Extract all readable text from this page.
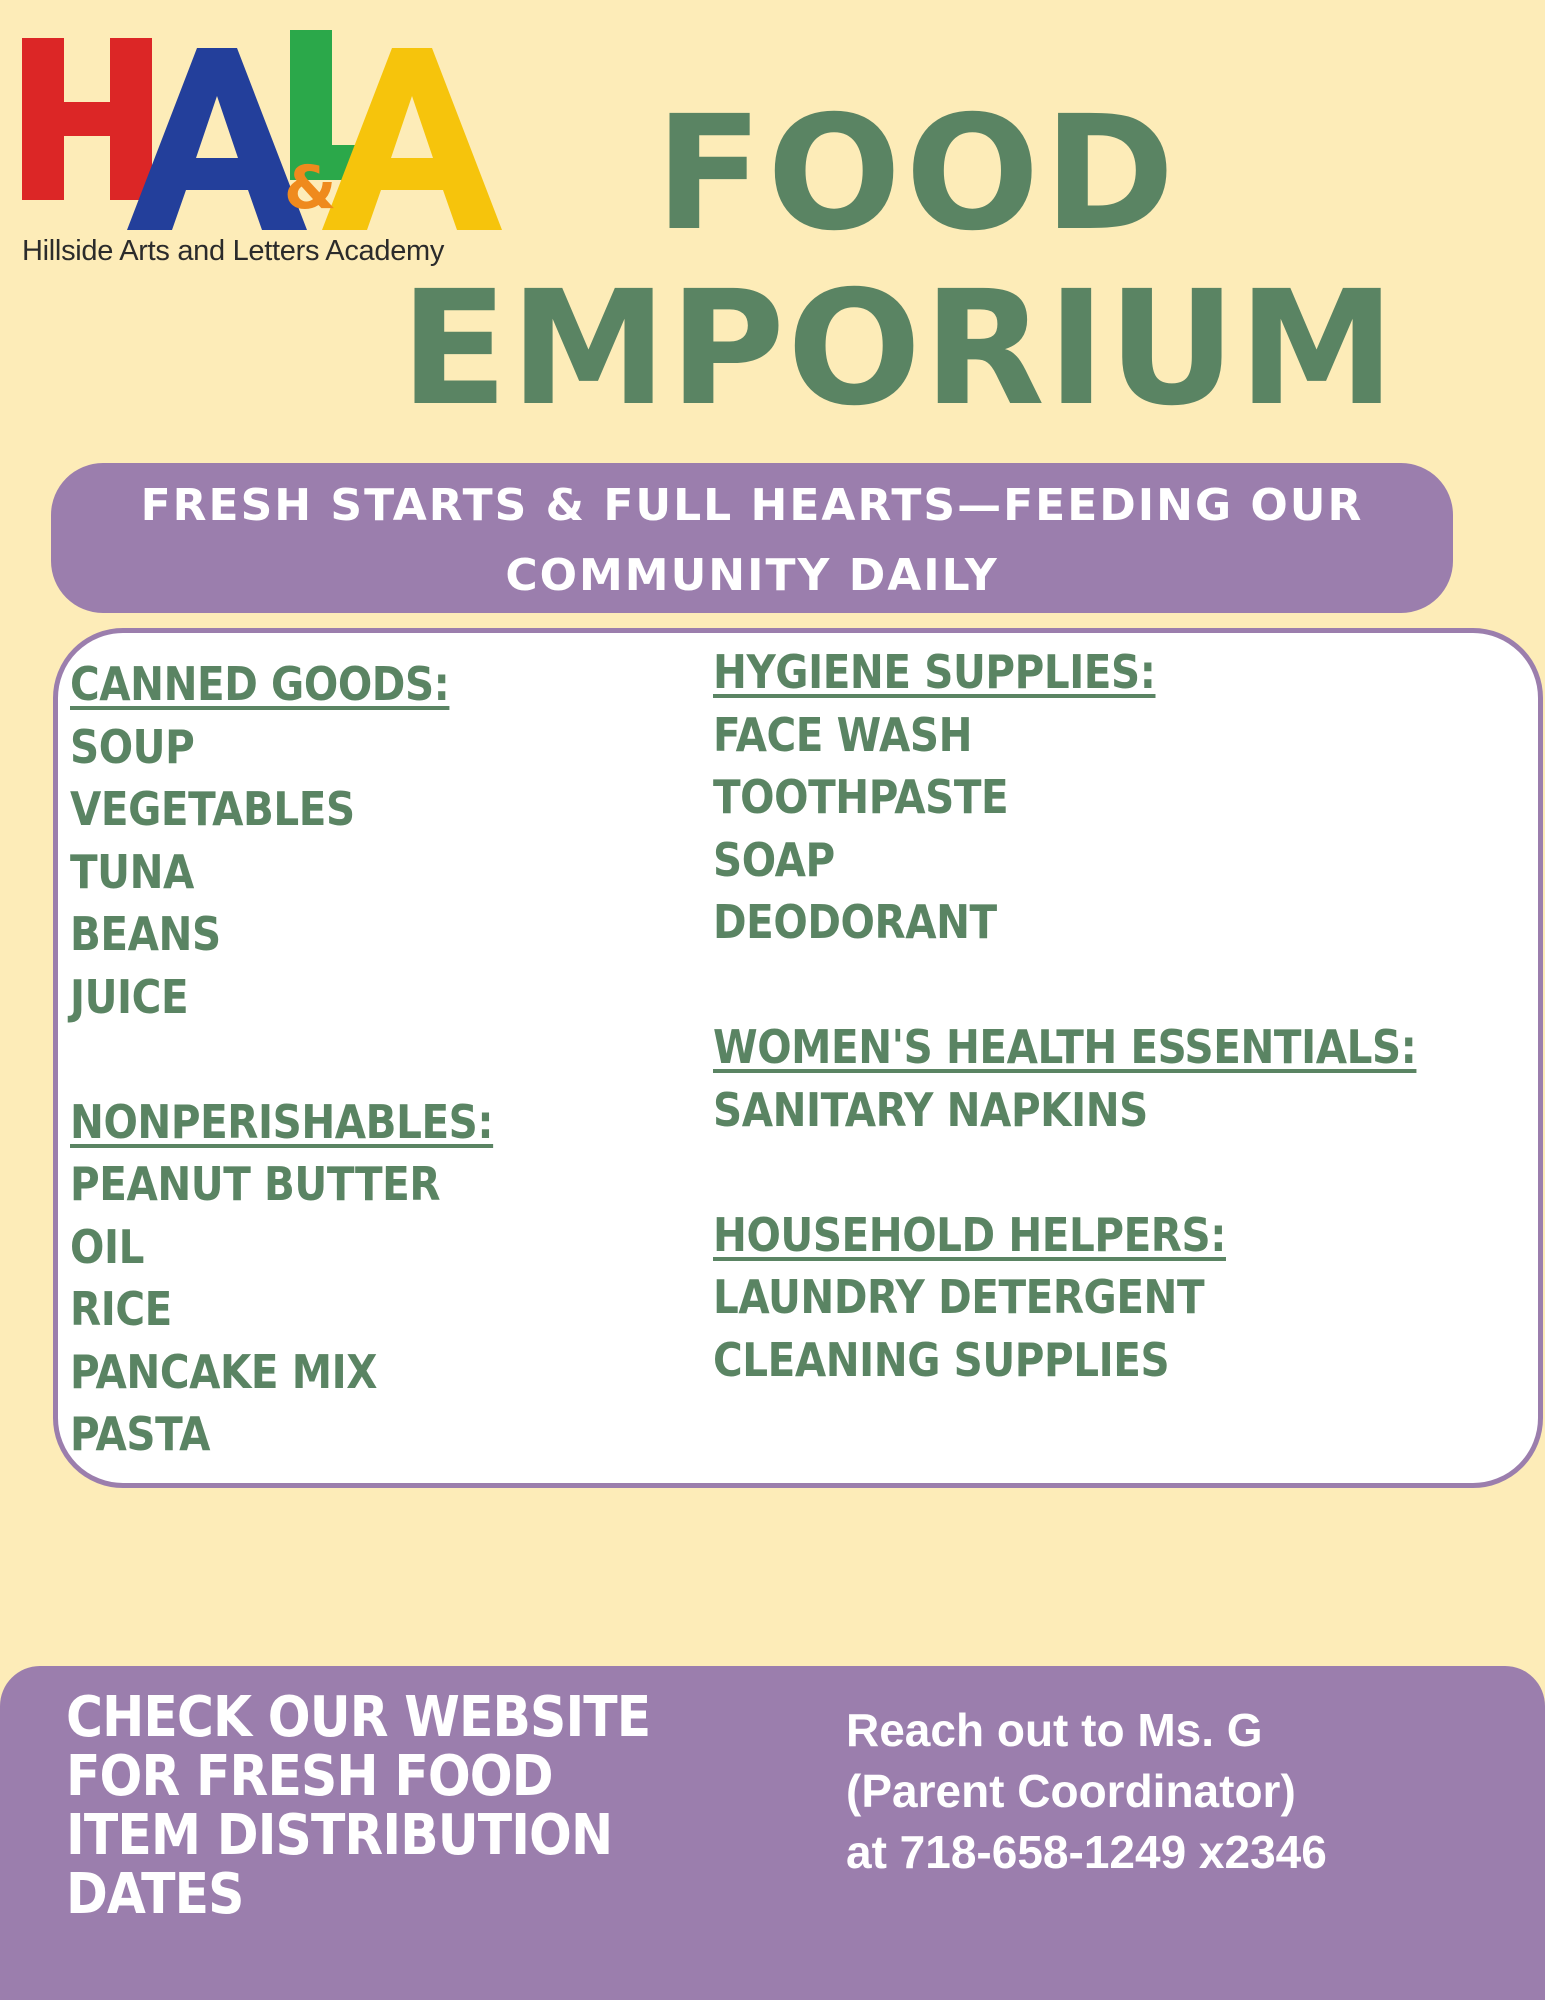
&
Hillside Arts and Letters Academy FOOD
EMPORIUM
FRESH STARTS & FULL HEARTS—FEEDING OUR COMMUNITY DAILY
CANNED GOODS:
SOUP
VEGETABLES
TUNA
BEANS
JUICE
NONPERISHABLES:
PEANUT BUTTER
OIL
RICE
PANCAKE MIX
PASTA
HYGIENE SUPPLIES:
FACE WASH
TOOTHPASTE
SOAP
DEODORANT
WOMEN'S HEALTH ESSENTIALS:
SANITARY NAPKINS
HOUSEHOLD HELPERS:
LAUNDRY DETERGENT
CLEANING SUPPLIES
CHECK OUR WEBSITE FOR FRESH FOOD ITEM DISTRIBUTION DATES
Reach out to Ms. G
(Parent Coordinator)
at 718-658-1249 x2346
